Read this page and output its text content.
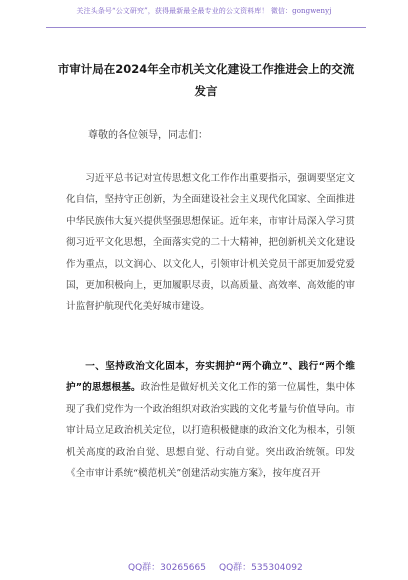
关注头条号“公文研究”，获得最新最全最专业的公文资料库！ 微信：gongwenyj
市审计局在2024年全市机关文化建设工作推进会上的交流发言
尊敬的各位领导，同志们：

习近平总书记对宣传思想文化工作作出重要指示，强调要坚定文化自信，坚持守正创新，为全面建设社会主义现代化国家、全面推进中华民族伟大复兴提供坚强思想保证。近年来，市审计局深入学习贯彻习近平文化思想，全面落实党的二十大精神，把创新机关文化建设作为重点，以文润心、以文化人，引领审计机关党员干部更加爱党爱国，更加积极向上，更加履职尽责，以高质量、高效率、高效能的审计监督护航现代化美好城市建设。

一、坚持政治文化固本，夯实拥护“两个确立”、践行“两个维护”的思想根基。政治性是做好机关文化工作的第一位属性，集中体现了我们党作为一个政治组织对政治实践的文化考量与价值导向。市审计局立足政治机关定位，以打造积极健康的政治文化为根本，引领机关高度的政治自觉、思想自觉、行动自觉。突出政治统领。印发《全市审计系统“模范机关”创建活动实施方案》，按年度召开

QQ群：30265665 QQ群：535304092
